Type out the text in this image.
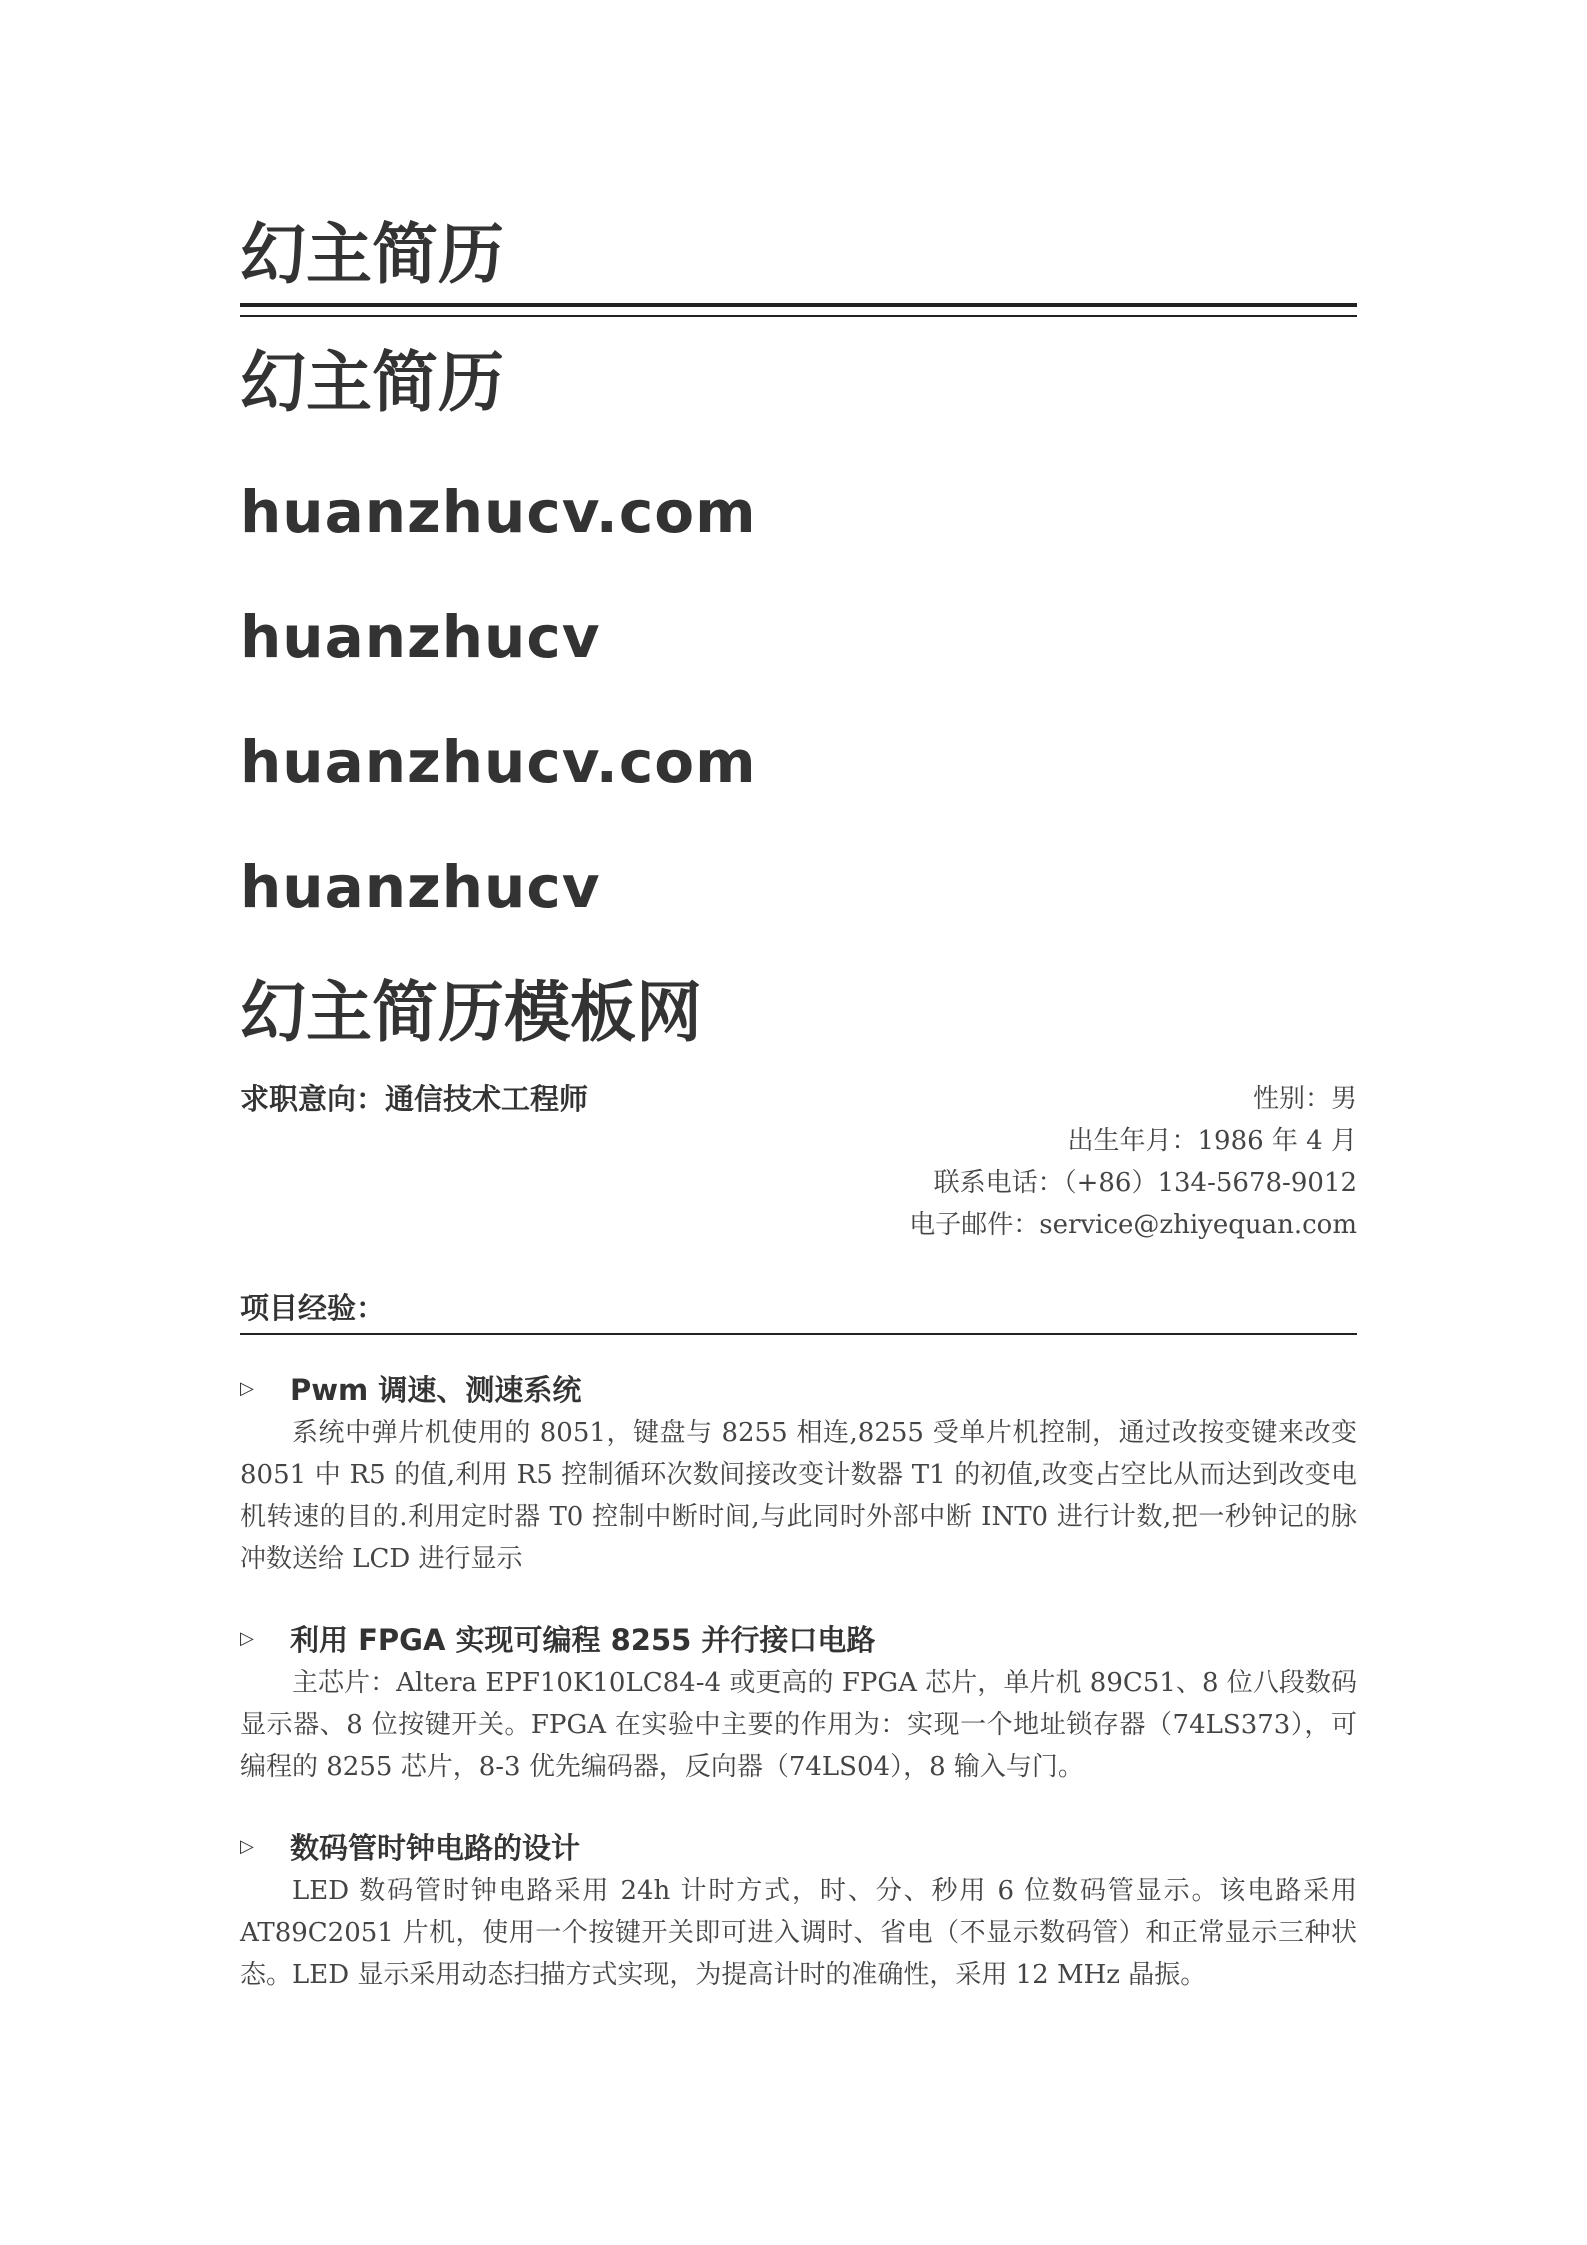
幻主简历
幻主简历
huanzhucv.com
huanzhucv
huanzhucv.com
huanzhucv
幻主简历模板网
求职意向：通信技术工程师	性别：男
出生年月：1986 年 4 月
联系电话：（+86）134-5678-9012
电子邮件：service@zhiyequan.com
项目经验：
▷ Pwm 调速、测速系统

系统中弹片机使用的 8051，键盘与 8255 相连,8255 受单片机控制，通过改按变键来改变8051 中 R5 的值,利用 R5 控制循环次数间接改变计数器 T1 的初值,改变占空比从而达到改变电机转速的目的.利用定时器 T0 控制中断时间,与此同时外部中断 INT0 进行计数,把一秒钟记的脉冲数送给 LCD 进行显示

▷ 利用 FPGA 实现可编程 8255 并行接口电路

主芯片：Altera EPF10K10LC84-4 或更高的 FPGA 芯片，单片机 89C51、8 位八段数码显示器、8 位按键开关。FPGA 在实验中主要的作用为：实现一个地址锁存器（74LS373），可编程的 8255 芯片，8-3 优先编码器，反向器（74LS04），8 输入与门。

▷ 数码管时钟电路的设计

LED 数码管时钟电路采用 24h 计时方式，时、分、秒用 6 位数码管显示。该电路采用 AT89C2051 片机，使用一个按键开关即可进入调时、省电（不显示数码管）和正常显示三种状态。LED 显示采用动态扫描方式实现，为提高计时的准确性，采用 12 MHz 晶振。
